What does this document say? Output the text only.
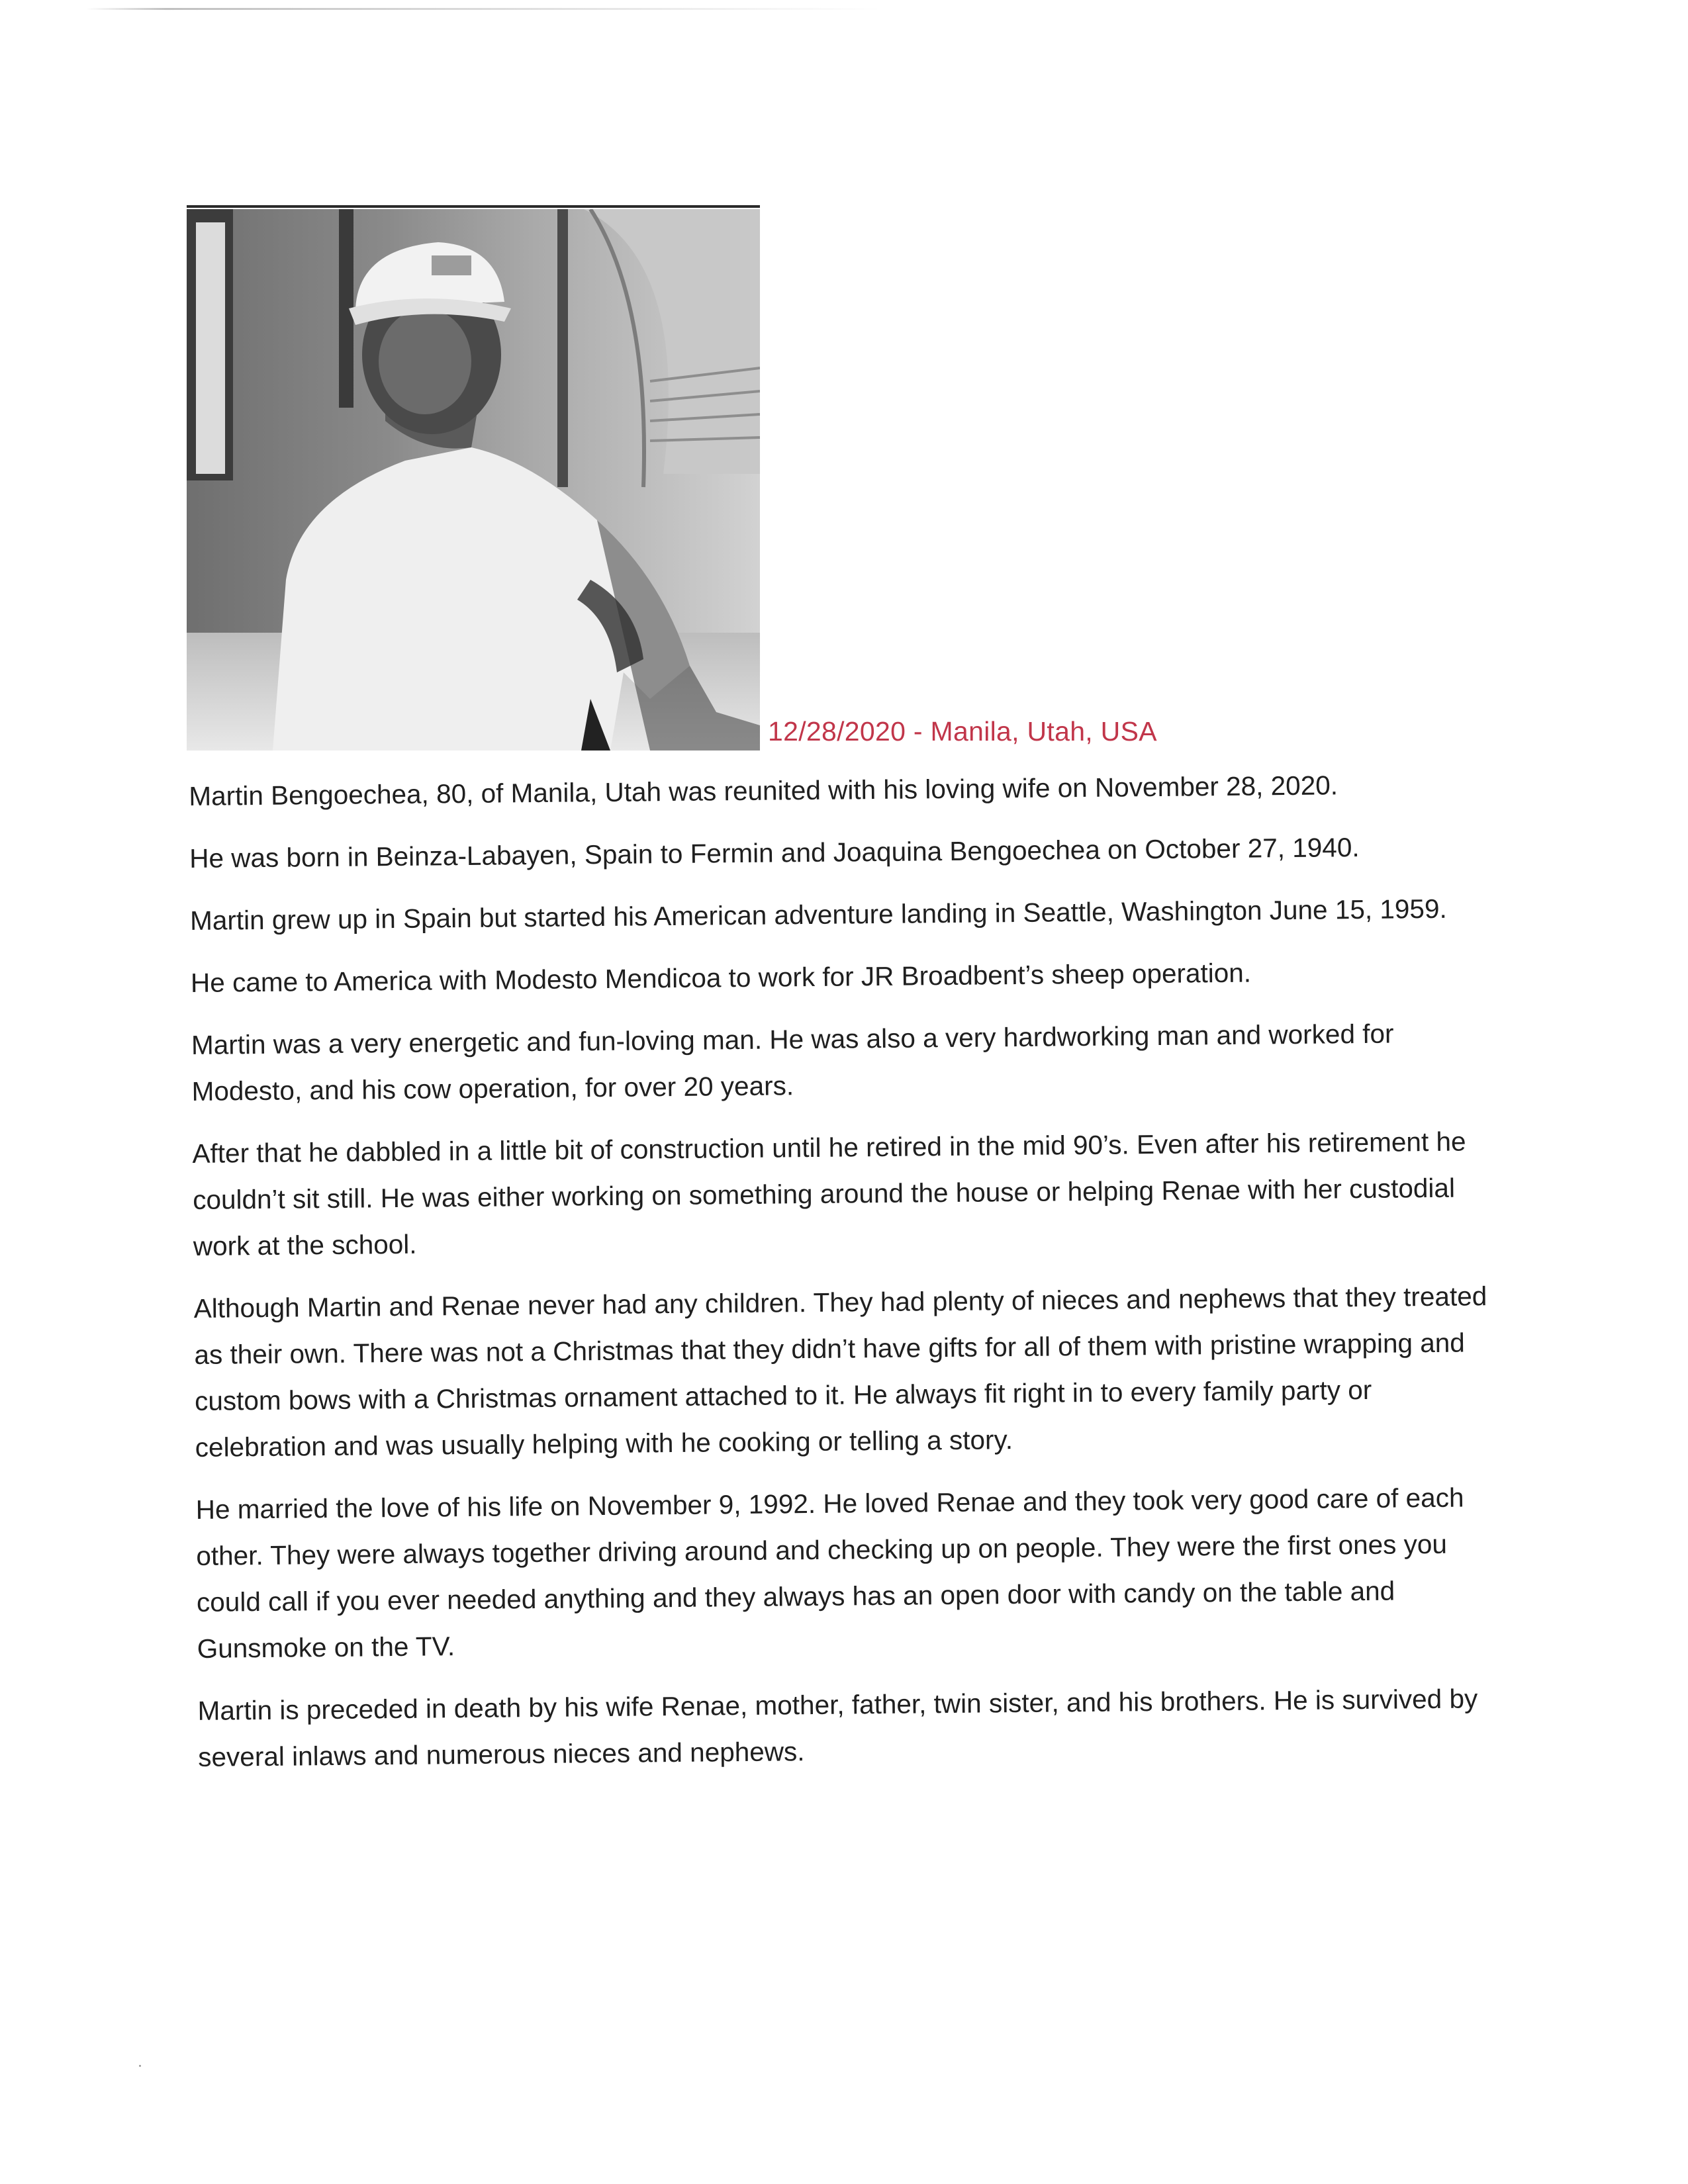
12/28/2020 - Manila, Utah, USA

Martin Bengoechea, 80, of Manila, Utah was reunited with his loving wife on November 28, 2020.

He was born in Beinza-Labayen, Spain to Fermin and Joaquina Bengoechea on October 27, 1940.

Martin grew up in Spain but started his American adventure landing in Seattle, Washington June 15, 1959.

He came to America with Modesto Mendicoa to work for JR Broadbent’s sheep operation.

Martin was a very energetic and fun-loving man. He was also a very hardworking man and worked for Modesto, and his cow operation, for over 20 years.

After that he dabbled in a little bit of construction until he retired in the mid 90’s. Even after his retirement he couldn’t sit still. He was either working on something around the house or helping Renae with her custodial work at the school.

Although Martin and Renae never had any children. They had plenty of nieces and nephews that they treated as their own. There was not a Christmas that they didn’t have gifts for all of them with pristine wrapping and custom bows with a Christmas ornament attached to it. He always fit right in to every family party or celebration and was usually helping with he cooking or telling a story.

He married the love of his life on November 9, 1992. He loved Renae and they took very good care of each other. They were always together driving around and checking up on people. They were the first ones you could call if you ever needed anything and they always has an open door with candy on the table and Gunsmoke on the TV.

Martin is preceded in death by his wife Renae, mother, father, twin sister, and his brothers. He is survived by several inlaws and numerous nieces and nephews.
